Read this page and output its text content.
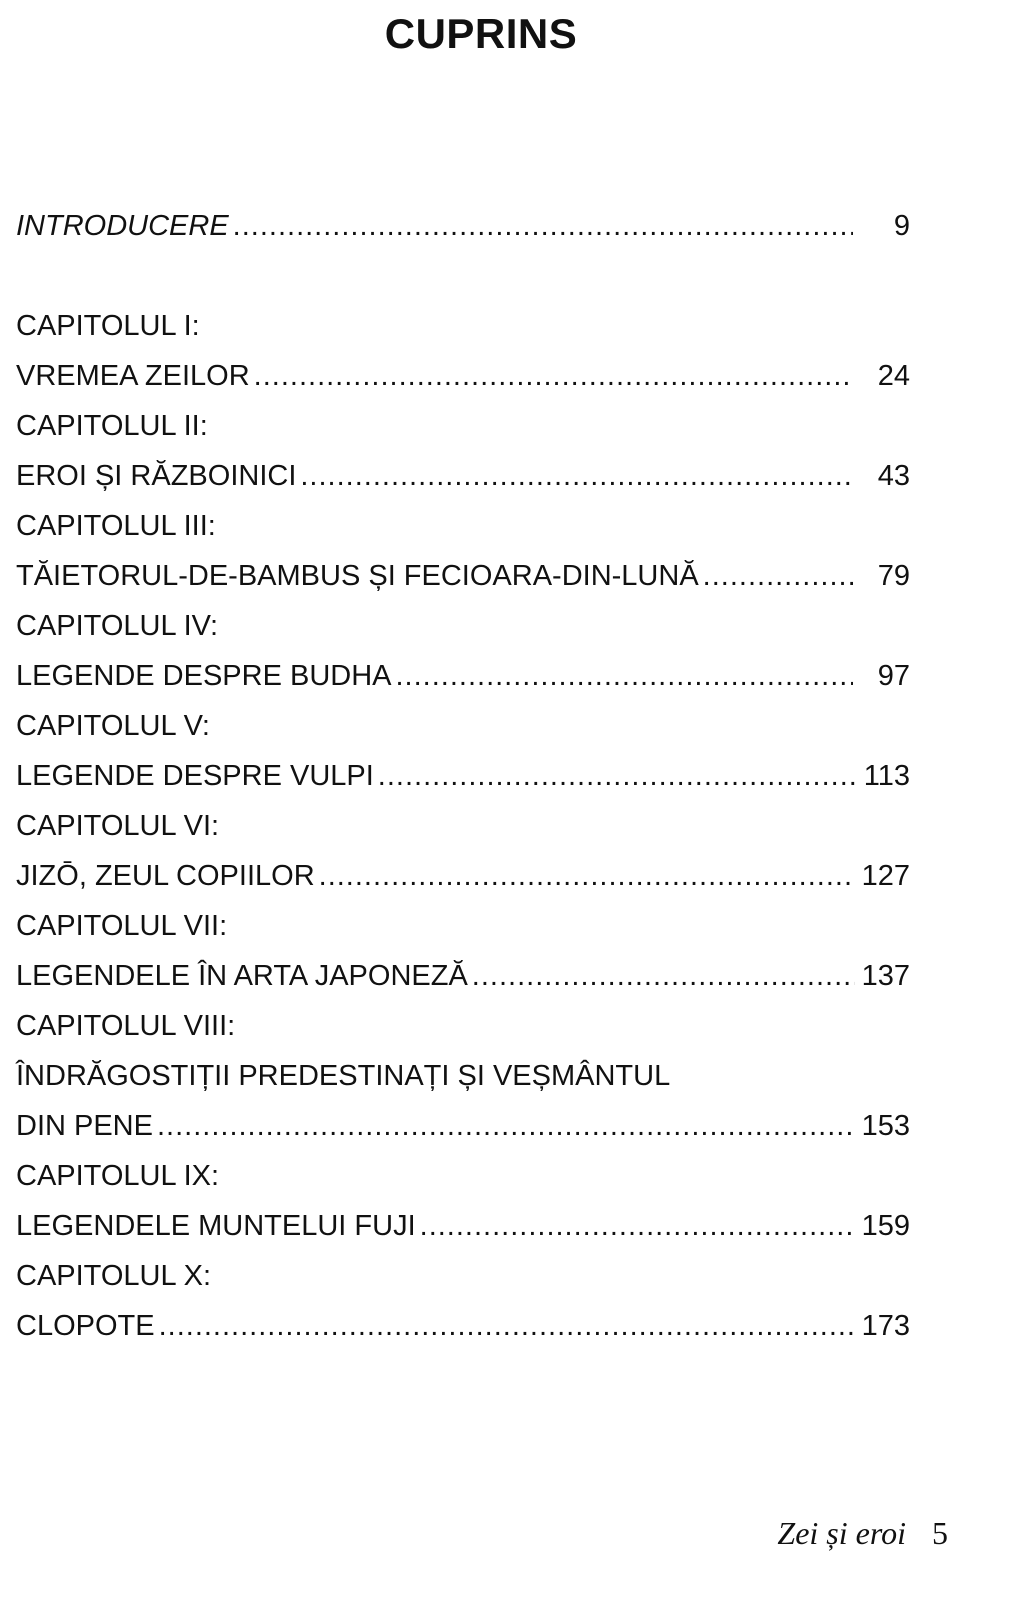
CUPRINS
INTRODUCERE .....	9
CAPITOLUL I:
VREMEA ZEILOR .....	24
CAPITOLUL II:
EROI ȘI RĂZBOINICI .....	43
CAPITOLUL III:
TĂIETORUL-DE-BAMBUS ȘI FECIOARA-DIN-LUNĂ .....	79
CAPITOLUL IV:
LEGENDE DESPRE BUDHA .....	97
CAPITOLUL V:
LEGENDE DESPRE VULPI .....	113
CAPITOLUL VI:
JIZŌ, ZEUL COPIILOR .....	127
CAPITOLUL VII:
LEGENDELE ÎN ARTA JAPONEZĂ .....	137
CAPITOLUL VIII:
ÎNDRĂGOSTIȚII PREDESTINAȚI ȘI VEȘMÂNTUL
DIN PENE .....	153
CAPITOLUL IX:
LEGENDELE MUNTELUI FUJI .....	159
CAPITOLUL X:
CLOPOTE .....	173
Zei și eroi 5
